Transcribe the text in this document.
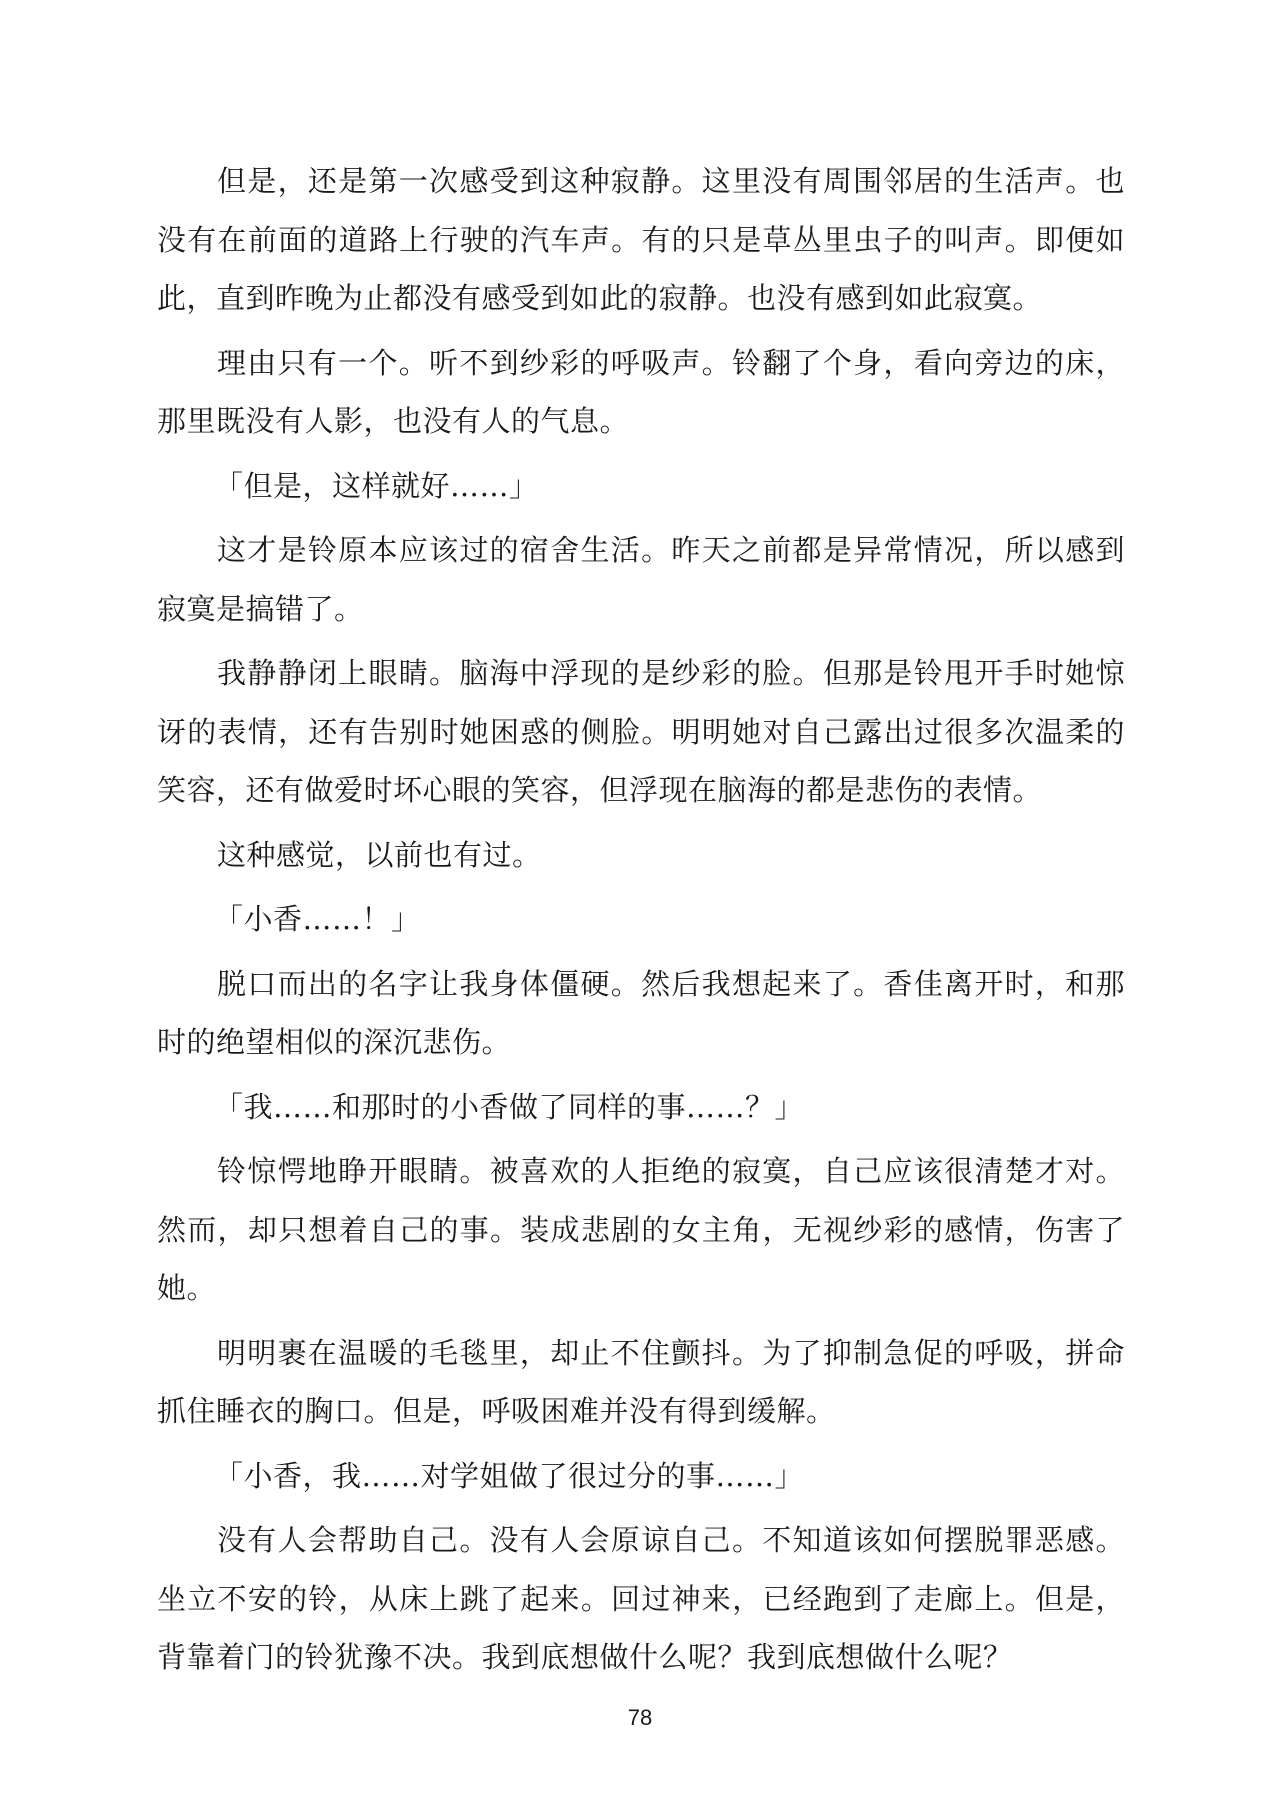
但是，还是第一次感受到这种寂静。这里没有周围邻居的生活声。也没有在前面的道路上行驶的汽车声。有的只是草丛里虫子的叫声。即便如此，直到昨晚为止都没有感受到如此的寂静。也没有感到如此寂寞。

理由只有一个。听不到纱彩的呼吸声。铃翻了个身，看向旁边的床，那里既没有人影，也没有人的气息。

「但是，这样就好……」

这才是铃原本应该过的宿舍生活。昨天之前都是异常情况，所以感到寂寞是搞错了。

我静静闭上眼睛。脑海中浮现的是纱彩的脸。但那是铃甩开手时她惊讶的表情，还有告别时她困惑的侧脸。明明她对自己露出过很多次温柔的笑容，还有做爱时坏心眼的笑容，但浮现在脑海的都是悲伤的表情。

这种感觉，以前也有过。

「小香……！」

脱口而出的名字让我身体僵硬。然后我想起来了。香佳离开时，和那时的绝望相似的深沉悲伤。

「我……和那时的小香做了同样的事……？」

铃惊愕地睁开眼睛。被喜欢的人拒绝的寂寞，自己应该很清楚才对。然而，却只想着自己的事。装成悲剧的女主角，无视纱彩的感情，伤害了她。

明明裹在温暖的毛毯里，却止不住颤抖。为了抑制急促的呼吸，拼命抓住睡衣的胸口。但是，呼吸困难并没有得到缓解。

「小香，我……对学姐做了很过分的事……」

没有人会帮助自己。没有人会原谅自己。不知道该如何摆脱罪恶感。坐立不安的铃，从床上跳了起来。回过神来，已经跑到了走廊上。但是，背靠着门的铃犹豫不决。我到底想做什么呢？我到底想做什么呢？

78
